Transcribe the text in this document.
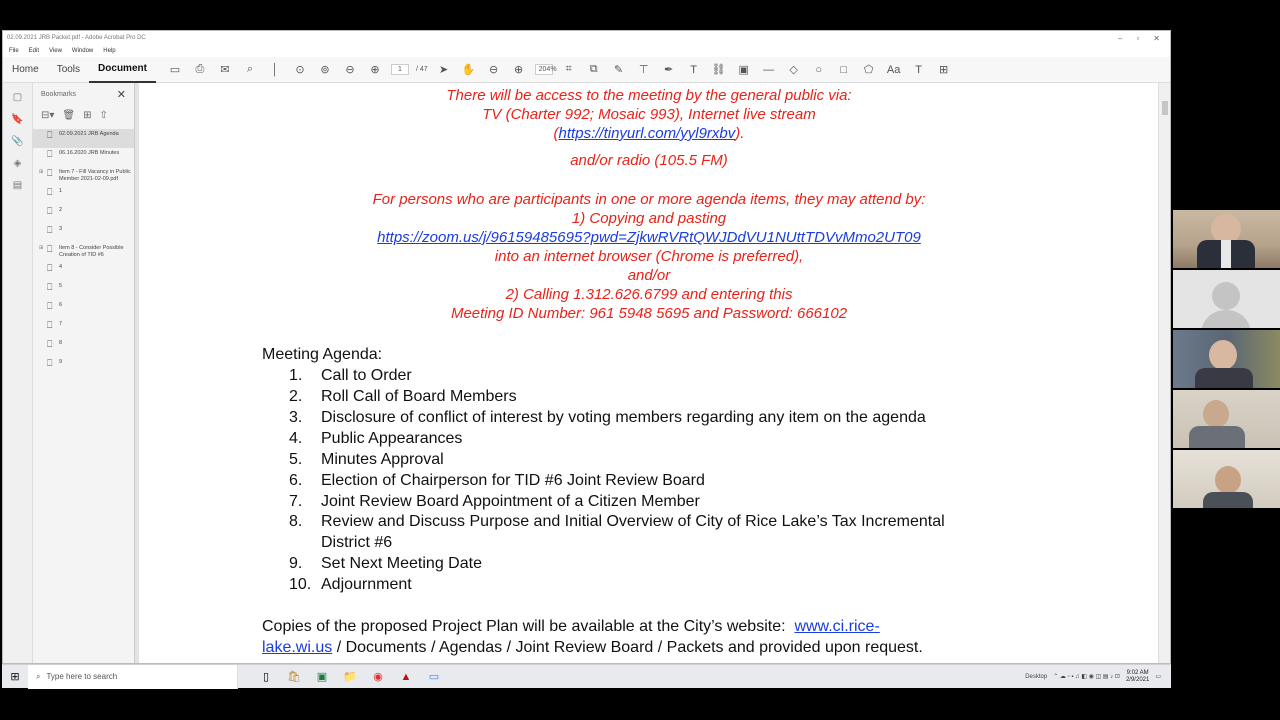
02.09.2021 JRB Packet.pdf - Adobe Acrobat Pro DC	– ▫ ✕
File Edit View Window Help
Home	Tools	Document	▭	⎙	✉	⌕	│	⊙	⊚	⊖	⊕	1	/ 47	➤	✋	⊖	⊕	204% ⌗	⧉	✎	⊤	✒	T	⛓	▣	—	◇	○	□	⬠	Aa	T	⊞
▢
🔖
📎
◈
▤
Bookmarks	✕
⊟▾ 🗑 ⊞ ⇧
⎕	02.09.2021 JRB Agenda
⎕	06.16.2020 JRB Minutes
⊞ ⎕	Item 7 - Fill Vacancy in Public Member 2021-02-09.pdf
⎕	1
⎕	2
⎕	3
⊞ ⎕	Item 8 - Consider Possible Creation of TID #6
⎕	4
⎕	5
⎕	6
⎕	7
⎕	8
⎕	9
There will be access to the meeting by the general public via:
TV (Charter 992; Mosaic 993), Internet live stream
(https://tinyurl.com/yyl9rxbv).
and/or radio (105.5 FM)
For persons who are participants in one or more agenda items, they may attend by:
1) Copying and pasting
https://zoom.us/j/96159485695?pwd=ZjkwRVRtQWJDdVU1NUttTDVvMmo2UT09
into an internet browser (Chrome is preferred),
and/or
2) Calling 1.312.626.6799 and entering this
Meeting ID Number: 961 5948 5695 and Password: 666102
Meeting Agenda:
1.	Call to Order
2.	Roll Call of Board Members
3.	Disclosure of conflict of interest by voting members regarding any item on the agenda
4.	Public Appearances
5.	Minutes Approval
6.	Election of Chairperson for TID #6 Joint Review Board
7.	Joint Review Board Appointment of a Citizen Member
8.	Review and Discuss Purpose and Initial Overview of City of Rice Lake’s Tax Incremental
District #6
9.	Set Next Meeting Date
10. Adjournment
Copies of the proposed Project Plan will be available at the City’s website: www.ci.rice-
lake.wi.us / Documents / Agendas / Joint Review Board / Packets and provided upon request.
⊞	⌕ Type here to search	▯	🛍 ▣ 📁 ◉ ▲ ▭	Desktop ⌃ ☁ ▫ ▪ ♫ ◧ ◉ ◫ ▤ ♪ ⊡
9:02 AM
2/9/2021 ▭
